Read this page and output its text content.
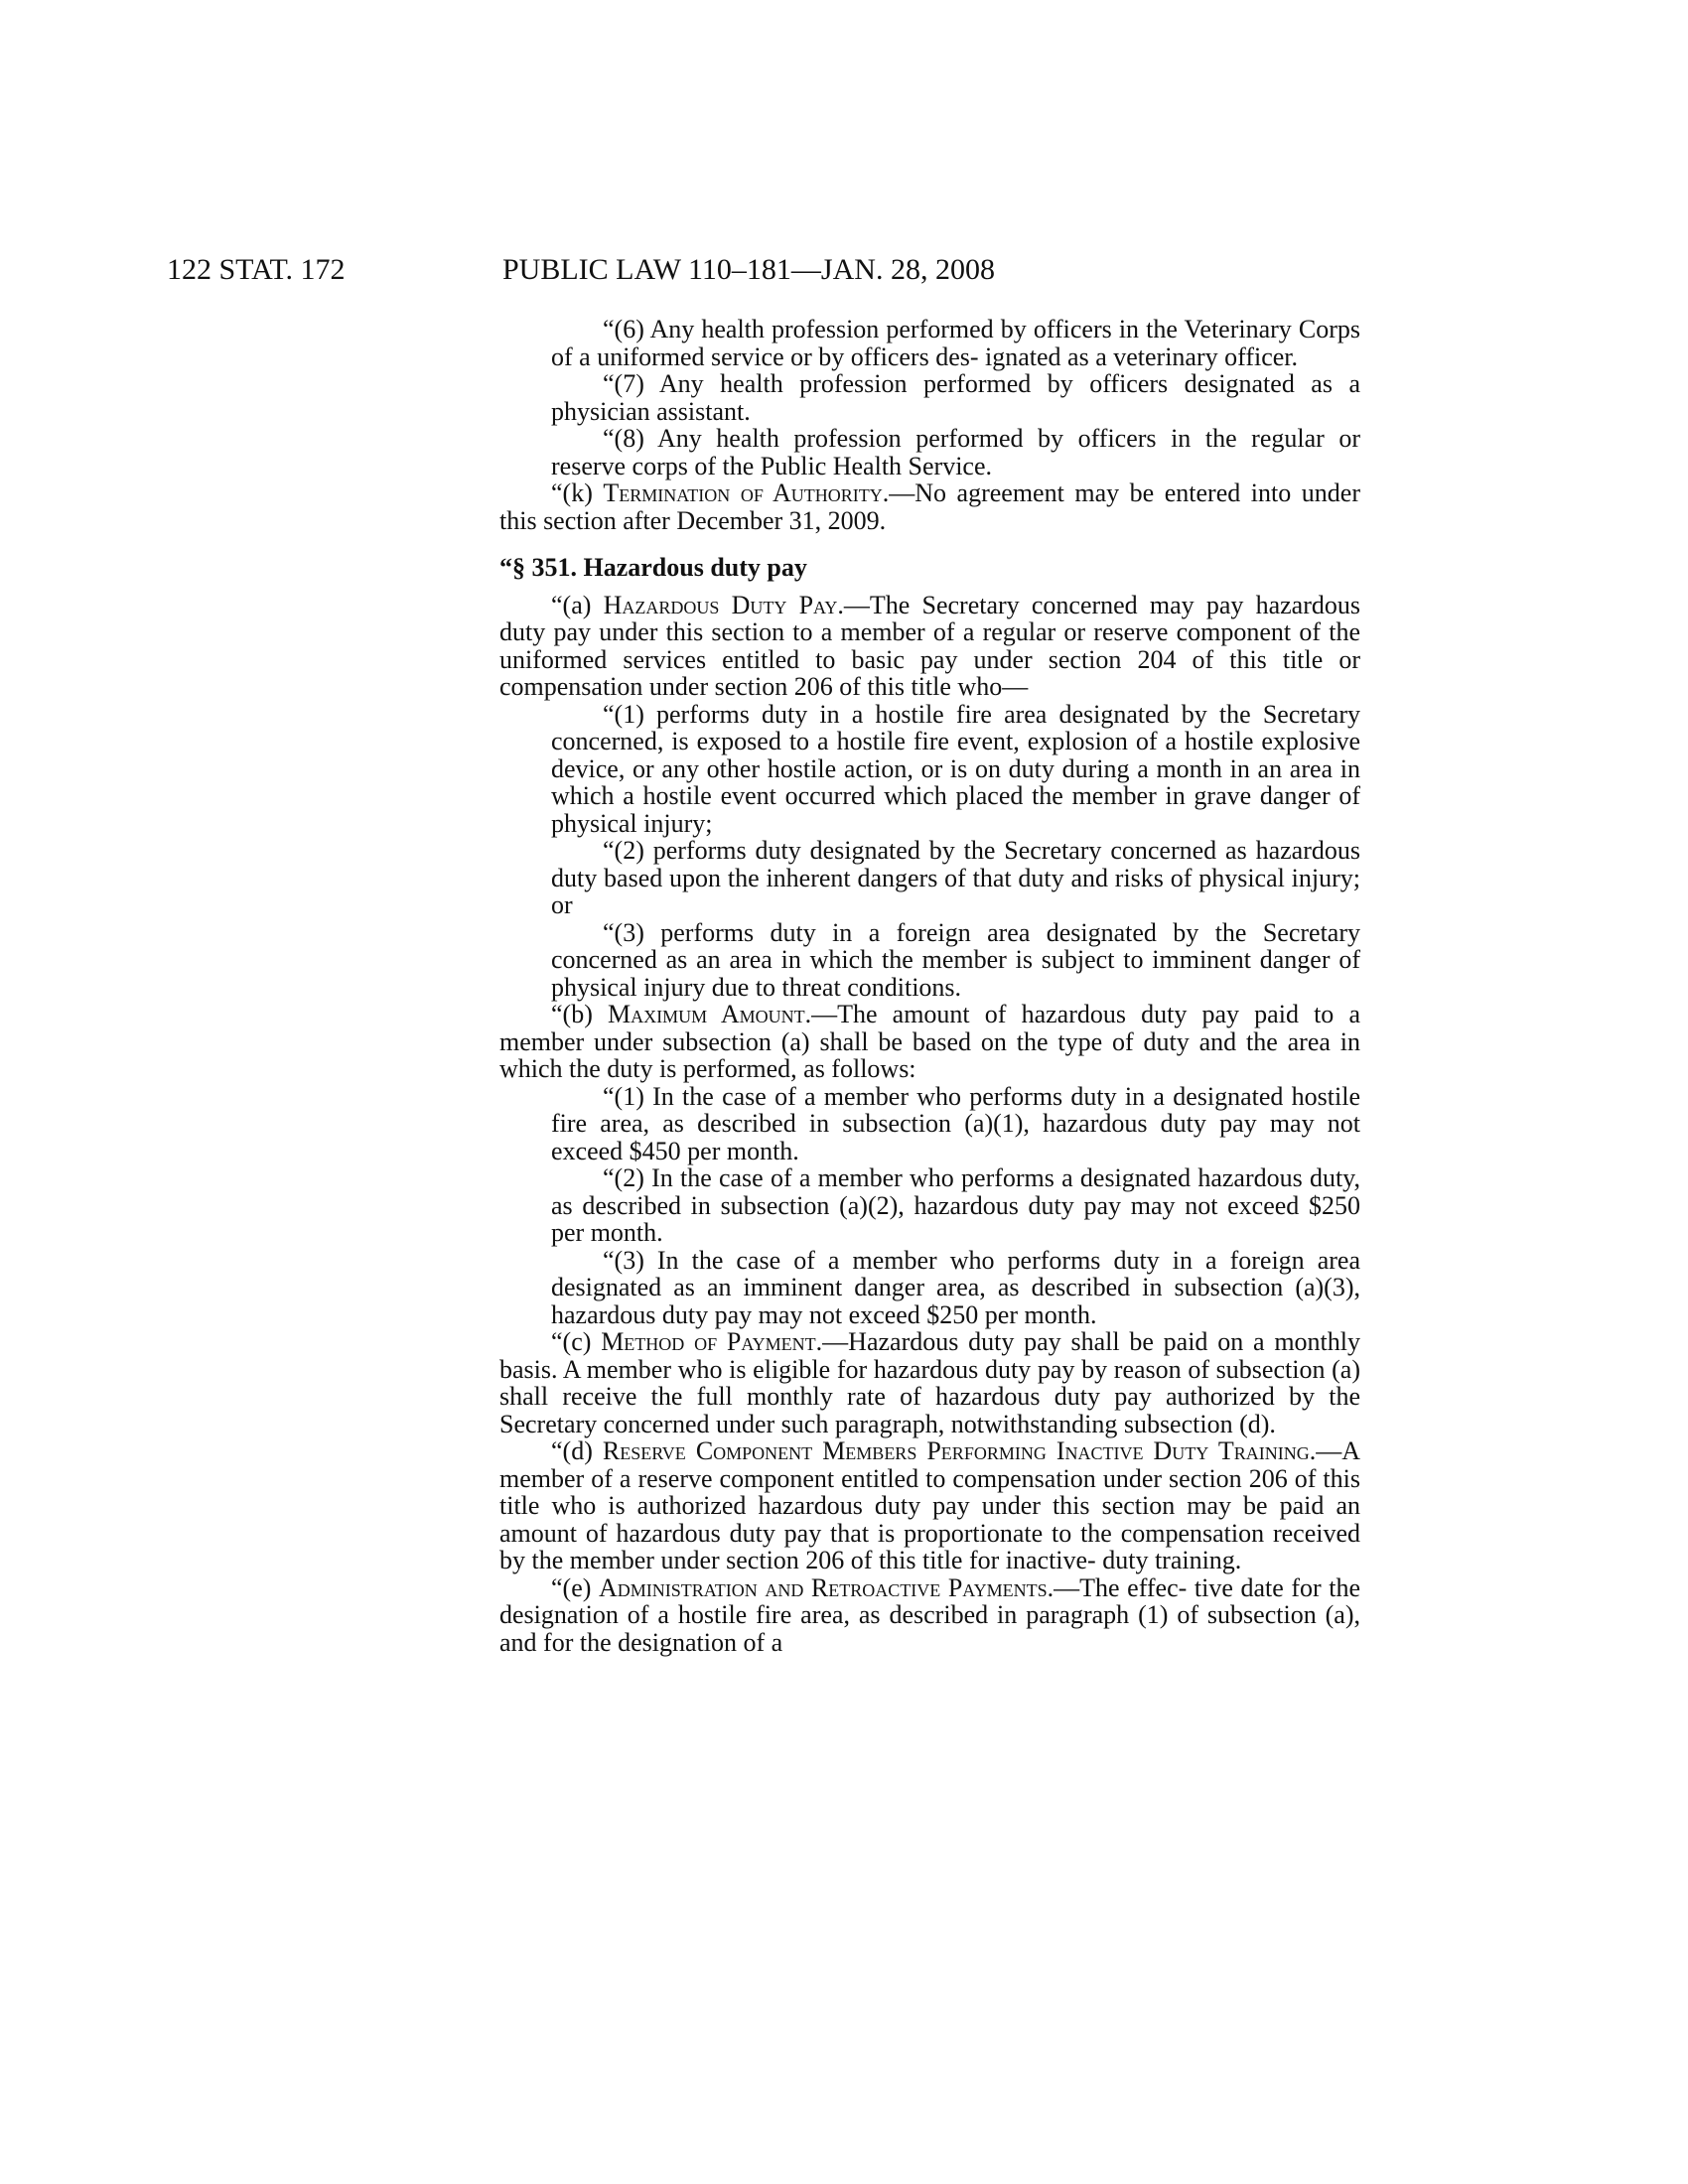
122 STAT. 172	PUBLIC LAW 110–181—JAN. 28, 2008

“(6) Any health profession performed by officers in the Veterinary Corps of a uniformed service or by officers des- ignated as a veterinary officer.

“(7) Any health profession performed by officers designated as a physician assistant.

“(8) Any health profession performed by officers in the regular or reserve corps of the Public Health Service.

“(k) Termination of Authority.—No agreement may be entered into under this section after December 31, 2009.

“§ 351. Hazardous duty pay

“(a) Hazardous Duty Pay.—The Secretary concerned may pay hazardous duty pay under this section to a member of a regular or reserve component of the uniformed services entitled to basic pay under section 204 of this title or compensation under section 206 of this title who—

“(1) performs duty in a hostile fire area designated by the Secretary concerned, is exposed to a hostile fire event, explosion of a hostile explosive device, or any other hostile action, or is on duty during a month in an area in which a hostile event occurred which placed the member in grave danger of physical injury;

“(2) performs duty designated by the Secretary concerned as hazardous duty based upon the inherent dangers of that duty and risks of physical injury; or

“(3) performs duty in a foreign area designated by the Secretary concerned as an area in which the member is subject to imminent danger of physical injury due to threat conditions.

“(b) Maximum Amount.—The amount of hazardous duty pay paid to a member under subsection (a) shall be based on the type of duty and the area in which the duty is performed, as follows:

“(1) In the case of a member who performs duty in a designated hostile fire area, as described in subsection (a)(1), hazardous duty pay may not exceed $450 per month.

“(2) In the case of a member who performs a designated hazardous duty, as described in subsection (a)(2), hazardous duty pay may not exceed $250 per month.

“(3) In the case of a member who performs duty in a foreign area designated as an imminent danger area, as described in subsection (a)(3), hazardous duty pay may not exceed $250 per month.

“(c) Method of Payment.—Hazardous duty pay shall be paid on a monthly basis. A member who is eligible for hazardous duty pay by reason of subsection (a) shall receive the full monthly rate of hazardous duty pay authorized by the Secretary concerned under such paragraph, notwithstanding subsection (d).

“(d) Reserve Component Members Performing Inactive Duty Training.—A member of a reserve component entitled to compensation under section 206 of this title who is authorized hazardous duty pay under this section may be paid an amount of hazardous duty pay that is proportionate to the compensation received by the member under section 206 of this title for inactive- duty training.

“(e) Administration and Retroactive Payments.—The effec- tive date for the designation of a hostile fire area, as described in paragraph (1) of subsection (a), and for the designation of a
